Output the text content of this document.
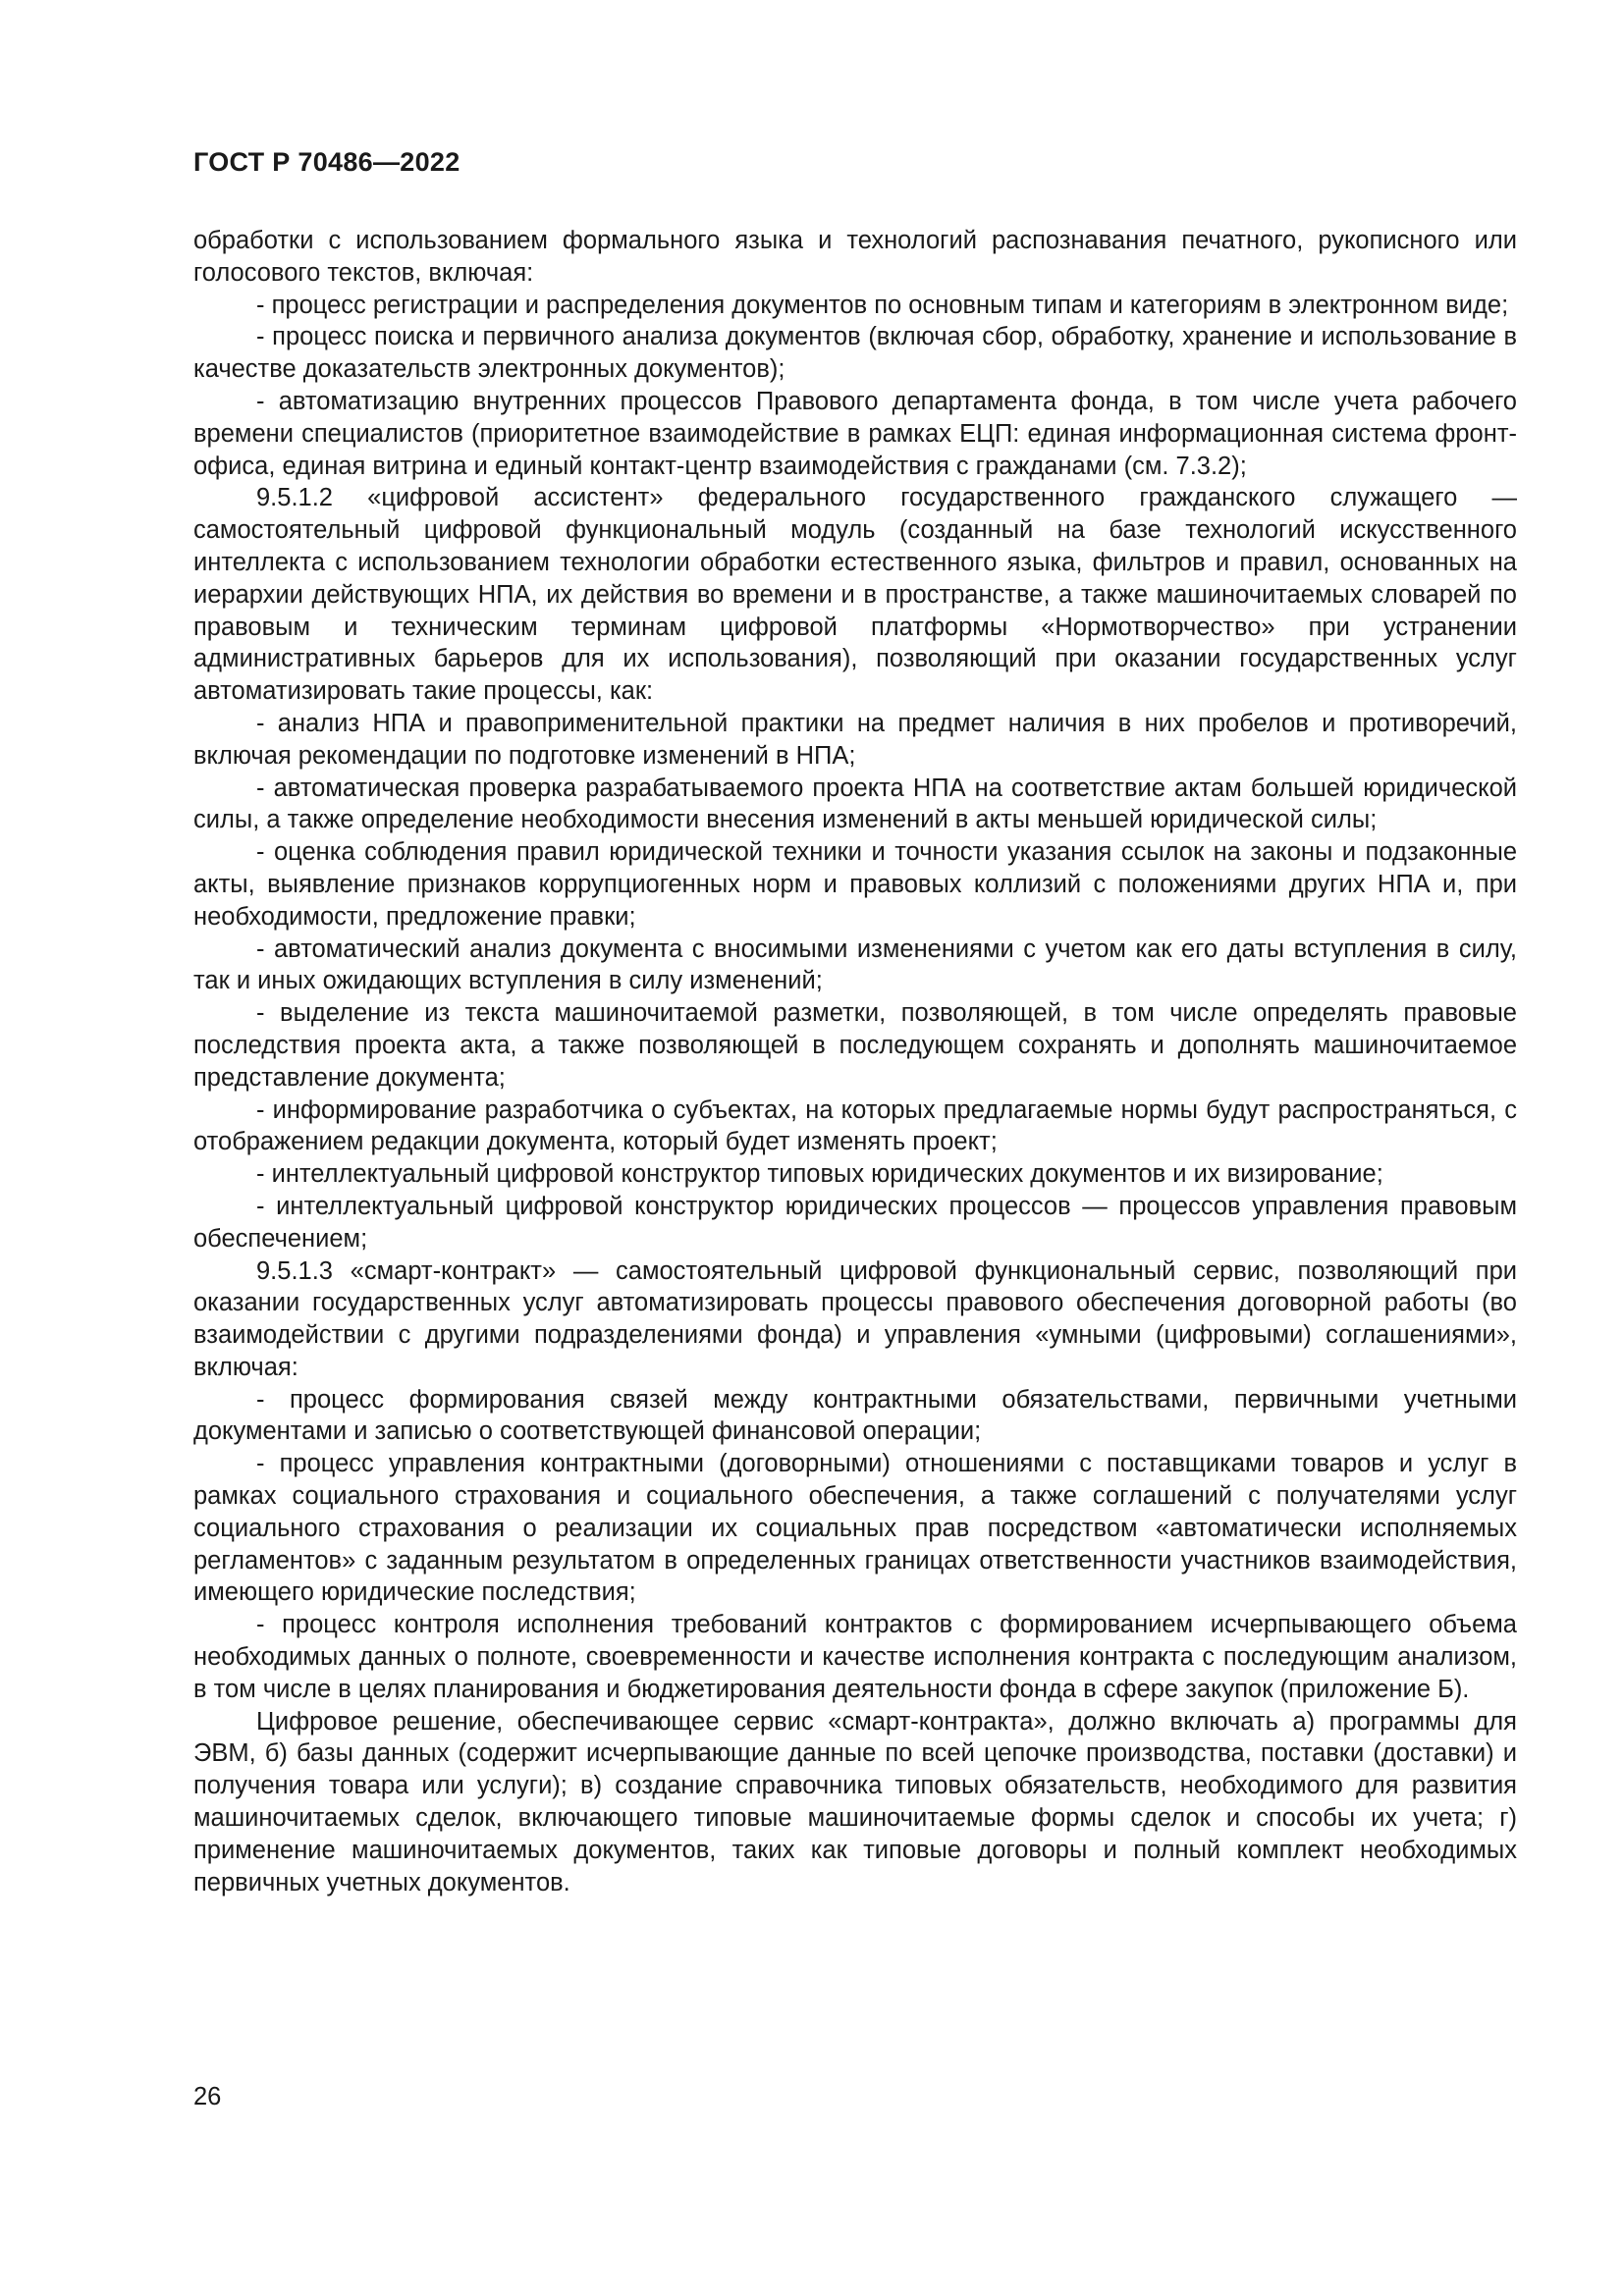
ГОСТ Р 70486—2022

обработки с использованием формального языка и технологий распознавания печатного, рукописного или голосового текстов, включая:

- процесс регистрации и распределения документов по основным типам и категориям в электронном виде;

- процесс поиска и первичного анализа документов (включая сбор, обработку, хранение и использование в качестве доказательств электронных документов);

- автоматизацию внутренних процессов Правового департамента фонда, в том числе учета рабочего времени специалистов (приоритетное взаимодействие в рамках ЕЦП: единая информационная система фронт-офиса, единая витрина и единый контакт-центр взаимодействия с гражданами (см. 7.3.2);

9.5.1.2 «цифровой ассистент» федерального государственного гражданского служащего — самостоятельный цифровой функциональный модуль (созданный на базе технологий искусственного интеллекта с использованием технологии обработки естественного языка, фильтров и правил, основанных на иерархии действующих НПА, их действия во времени и в пространстве, а также машиночитаемых словарей по правовым и техническим терминам цифровой платформы «Нормотворчество» при устранении административных барьеров для их использования), позволяющий при оказании государственных услуг автоматизировать такие процессы, как:

- анализ НПА и правоприменительной практики на предмет наличия в них пробелов и противоречий, включая рекомендации по подготовке изменений в НПА;

- автоматическая проверка разрабатываемого проекта НПА на соответствие актам большей юридической силы, а также определение необходимости внесения изменений в акты меньшей юридической силы;

- оценка соблюдения правил юридической техники и точности указания ссылок на законы и подзаконные акты, выявление признаков коррупциогенных норм и правовых коллизий с положениями других НПА и, при необходимости, предложение правки;

- автоматический анализ документа с вносимыми изменениями с учетом как его даты вступления в силу, так и иных ожидающих вступления в силу изменений;

- выделение из текста машиночитаемой разметки, позволяющей, в том числе определять правовые последствия проекта акта, а также позволяющей в последующем сохранять и дополнять машиночитаемое представление документа;

- информирование разработчика о субъектах, на которых предлагаемые нормы будут распространяться, с отображением редакции документа, который будет изменять проект;

- интеллектуальный цифровой конструктор типовых юридических документов и их визирование;

- интеллектуальный цифровой конструктор юридических процессов — процессов управления правовым обеспечением;

9.5.1.3 «смарт-контракт» — самостоятельный цифровой функциональный сервис, позволяющий при оказании государственных услуг автоматизировать процессы правового обеспечения договорной работы (во взаимодействии с другими подразделениями фонда) и управления «умными (цифровыми) соглашениями», включая:

- процесс формирования связей между контрактными обязательствами, первичными учетными документами и записью о соответствующей финансовой операции;

- процесс управления контрактными (договорными) отношениями с поставщиками товаров и услуг в рамках социального страхования и социального обеспечения, а также соглашений с получателями услуг социального страхования о реализации их социальных прав посредством «автоматически исполняемых регламентов» с заданным результатом в определенных границах ответственности участников взаимодействия, имеющего юридические последствия;

- процесс контроля исполнения требований контрактов с формированием исчерпывающего объема необходимых данных о полноте, своевременности и качестве исполнения контракта с последующим анализом, в том числе в целях планирования и бюджетирования деятельности фонда в сфере закупок (приложение Б).

Цифровое решение, обеспечивающее сервис «смарт-контракта», должно включать а) программы для ЭВМ, б) базы данных (содержит исчерпывающие данные по всей цепочке производства, поставки (доставки) и получения товара или услуги); в) создание справочника типовых обязательств, необходимого для развития машиночитаемых сделок, включающего типовые машиночитаемые формы сделок и способы их учета; г) применение машиночитаемых документов, таких как типовые договоры и полный комплект необходимых первичных учетных документов.

26
